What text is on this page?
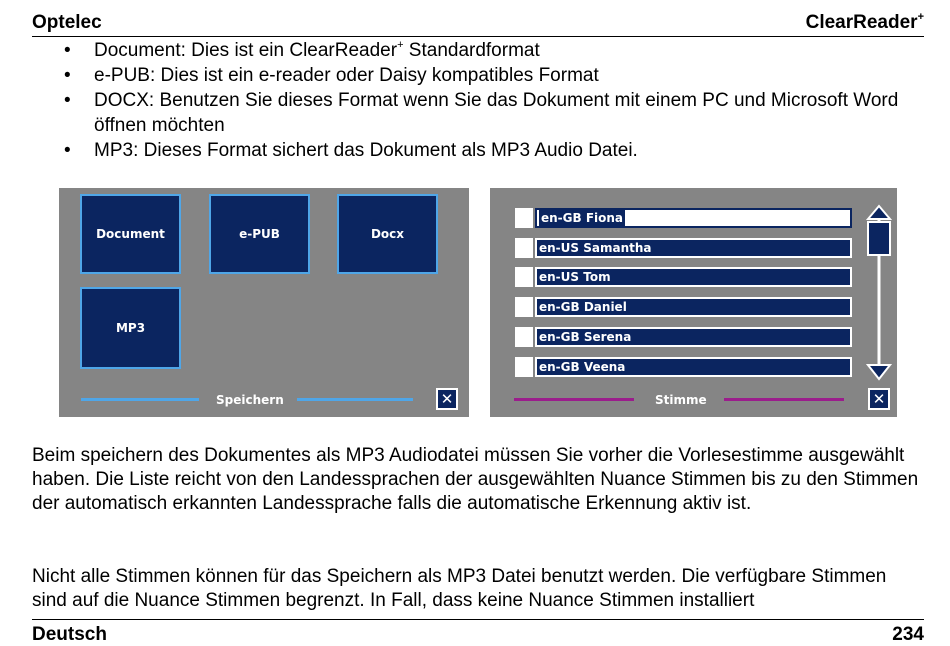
Optelec	ClearReader+
• Document: Dies ist ein ClearReader+ Standardformat
• e-PUB: Dies ist ein e-reader oder Daisy kompatibles Format
• DOCX: Benutzen Sie dieses Format wenn Sie das Dokument mit einem PC und Microsoft Word öffnen möchten
• MP3: Dieses Format sichert das Dokument als MP3 Audio Datei.
Document	e-PUB	Docx
MP3
Speichern	✕
en-GB Fiona
en-US Samantha
en-US Tom
en-GB Daniel
en-GB Serena
en-GB Veena
Stimme	✕

Beim speichern des Dokumentes als MP3 Audiodatei müssen Sie vorher die Vorlesestimme ausgewählt haben. Die Liste reicht von den Landessprachen der ausgewählten Nuance Stimmen bis zu den Stimmen der automatisch erkannten Landessprache falls die automatische Erkennung aktiv ist.

Nicht alle Stimmen können für das Speichern als MP3 Datei benutzt werden. Die verfügbare Stimmen sind auf die Nuance Stimmen begrenzt. In Fall, dass keine Nuance Stimmen installiert

Deutsch	234
